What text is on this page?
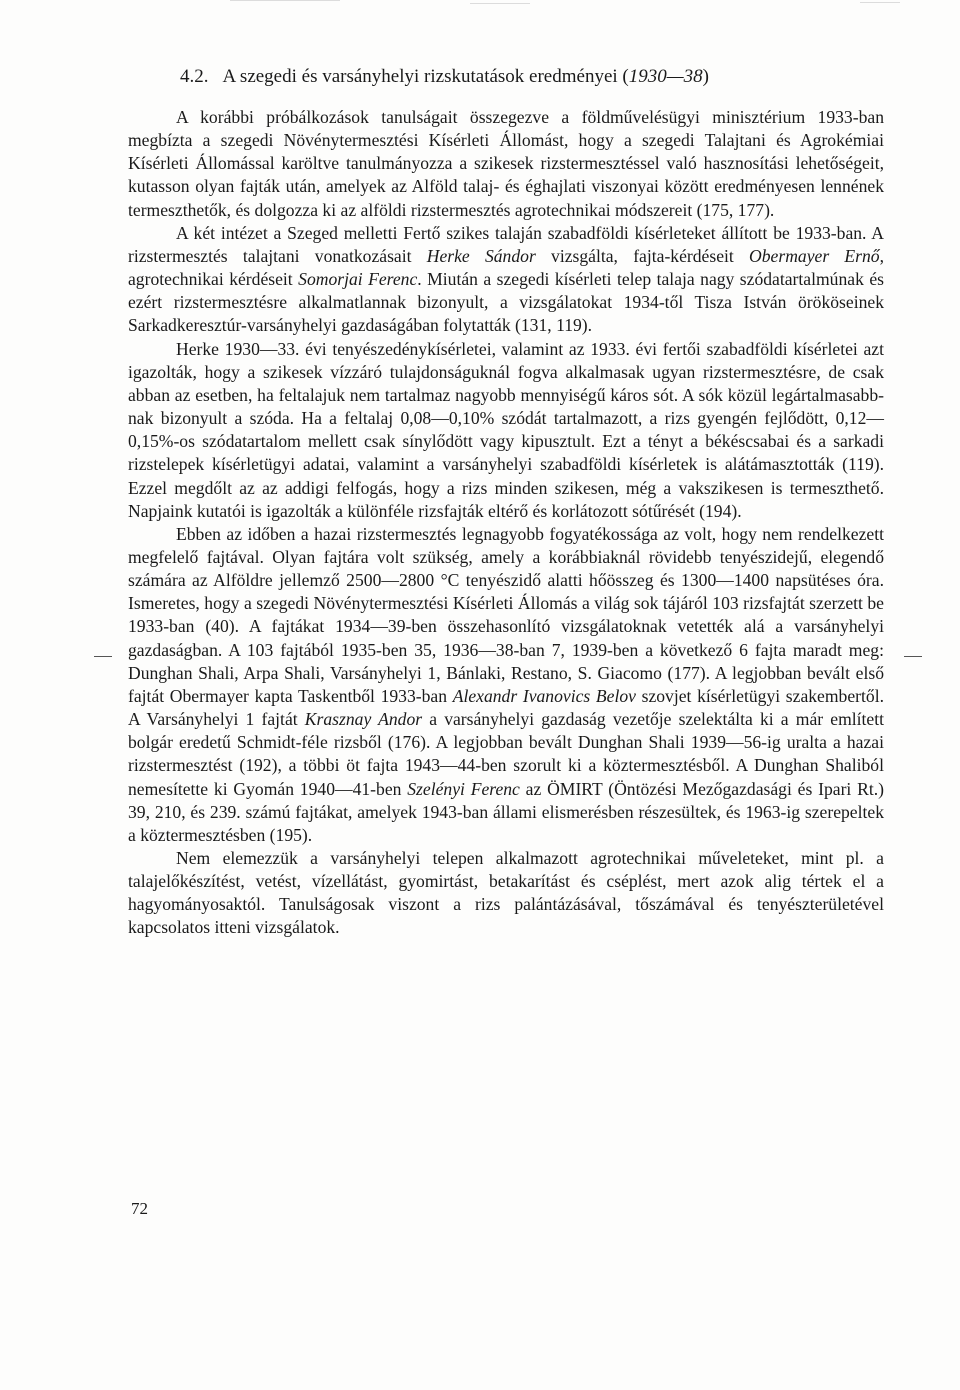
4.2. A szegedi és varsányhelyi rizskutatások eredményei (1930—38)

A korábbi próbálkozások tanulságait összegezve a földművelésügyi minisztérium 1933-ban megbízta a szegedi Növénytermesztési Kísérleti Állomást, hogy a szegedi Talajtani és Agrokémiai Kísérleti Állomással karöltve tanulmányozza a szikesek rizstermesztéssel való hasznosítási lehetőségeit, kutasson olyan fajták után, amelyek az Alföld talaj- és éghajlati viszonyai között eredményesen lennének termeszthetők, és dolgozza ki az alföldi rizstermesztés agrotechnikai módszereit (175, 177).

A két intézet a Szeged melletti Fertő szikes talaján szabadföldi kísérleteket állított be 1933-ban. A rizstermesztés talajtani vonatkozásait Herke Sándor vizsgálta, fajta-kérdéseit Obermayer Ernő, agrotechnikai kérdéseit Somorjai Ferenc. Miután a szegedi kísérleti telep talaja nagy szódatartalmúnak és ezért rizstermesztésre alkalmatlannak bizonyult, a vizsgálatokat 1934-től Tisza István örököseinek Sarkadkeresztúr-varsányhelyi gazdaságában folytatták (131, 119).

Herke 1930—33. évi tenyészedénykísérletei, valamint az 1933. évi fertői szabadföldi kísérletei azt igazolták, hogy a szikesek vízzáró tulajdonságuknál fogva alkalmasak ugyan rizstermesztésre, de csak abban az esetben, ha feltalajuk nem tartalmaz nagyobb mennyiségű káros sót. A sók közül legártalmasabbnak bizonyult a szóda. Ha a feltalaj 0,08—0,10% szódát tartalmazott, a rizs gyengén fejlődött, 0,12—0,15%-os szódatartalom mellett csak sínylődött vagy kipusztult. Ezt a tényt a békéscsabai és a sarkadi rizstelepek kísérletügyi adatai, valamint a varsányhelyi szabadföldi kísérletek is alátámasztották (119). Ezzel megdőlt az az addigi felfogás, hogy a rizs minden szikesen, még a vakszikesen is termeszthető. Napjaink kutatói is igazolták a különféle rizsfajták eltérő és korlátozott sótűrését (194).

Ebben az időben a hazai rizstermesztés legnagyobb fogyatékossága az volt, hogy nem rendelkezett megfelelő fajtával. Olyan fajtára volt szükség, amely a korábbiaknál rövidebb tenyészidejű, elegendő számára az Alföldre jellemző 2500—2800 °C tenyészidő alatti hőösszeg és 1300—1400 napsütéses óra. Ismeretes, hogy a szegedi Növénytermesztési Kísérleti Állomás a világ sok tájáról 103 rizsfajtát szerzett be 1933-ban (40). A fajtákat 1934—39-ben összehasonlító vizsgálatoknak vetették alá a varsányhelyi gazdaságban. A 103 fajtából 1935-ben 35, 1936—38-ban 7, 1939-ben a következő 6 fajta maradt meg: Dunghan Shali, Arpa Shali, Varsányhelyi 1, Bánlaki, Restano, S. Giacomo (177). A legjobban bevált első fajtát Obermayer kapta Taskentből 1933-ban Alexandr Ivanovics Belov szovjet kísérletügyi szakembertől. A Varsányhelyi 1 fajtát Krasznay Andor a varsányhelyi gazdaság vezetője szelektálta ki a már említett bolgár eredetű Schmidt-féle rizsből (176). A legjobban bevált Dunghan Shali 1939—56-ig uralta a hazai rizstermesztést (192), a többi öt fajta 1943—44-ben szorult ki a köztermesztésből. A Dunghan Shaliból nemesítette ki Gyomán 1940—41-ben Szelényi Ferenc az ÖMIRT (Öntözési Mezőgazdasági és Ipari Rt.) 39, 210, és 239. számú fajtákat, amelyek 1943-ban állami elismerésben részesültek, és 1963-ig szerepeltek a köztermesztésben (195).

Nem elemezzük a varsányhelyi telepen alkalmazott agrotechnikai műveleteket, mint pl. a talajelőkészítést, vetést, vízellátást, gyomirtást, betakarítást és cséplést, mert azok alig tértek el a hagyományosaktól. Tanulságosak viszont a rizs palántázásával, tőszámával és tenyészterületével kapcsolatos itteni vizsgálatok.

72
